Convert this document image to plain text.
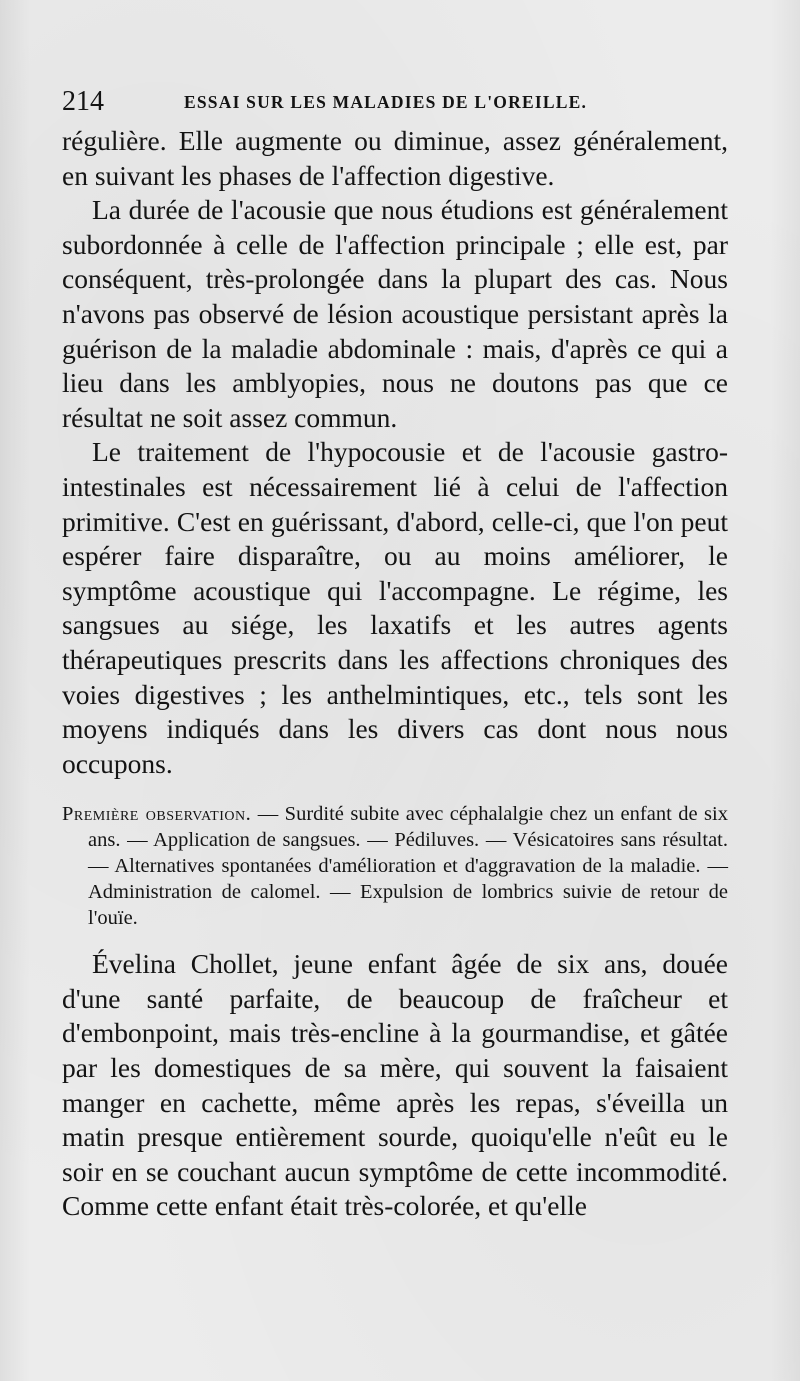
214	ESSAI SUR LES MALADIES DE L'OREILLE.

régulière. Elle augmente ou diminue, assez généralement, en suivant les phases de l'affection digestive.

La durée de l'acousie que nous étudions est généralement subordonnée à celle de l'affection principale ; elle est, par conséquent, très-prolongée dans la plupart des cas. Nous n'avons pas observé de lésion acoustique persistant après la guérison de la maladie abdominale : mais, d'après ce qui a lieu dans les amblyopies, nous ne doutons pas que ce résultat ne soit assez commun.

Le traitement de l'hypocousie et de l'acousie gastro-intestinales est nécessairement lié à celui de l'affection primitive. C'est en guérissant, d'abord, celle-ci, que l'on peut espérer faire disparaître, ou au moins améliorer, le symptôme acoustique qui l'accompagne. Le régime, les sangsues au siége, les laxatifs et les autres agents thérapeutiques prescrits dans les affections chroniques des voies digestives ; les anthelmintiques, etc., tels sont les moyens indiqués dans les divers cas dont nous nous occupons.

Première observation. — Surdité subite avec céphalalgie chez un enfant de six ans. — Application de sangsues. — Pédiluves. — Vésicatoires sans résultat. — Alternatives spontanées d'amélioration et d'aggravation de la maladie. — Administration de calomel. — Expulsion de lombrics suivie de retour de l'ouïe.

Évelina Chollet, jeune enfant âgée de six ans, douée d'une santé parfaite, de beaucoup de fraîcheur et d'embonpoint, mais très-encline à la gourmandise, et gâtée par les domestiques de sa mère, qui souvent la faisaient manger en cachette, même après les repas, s'éveilla un matin presque entièrement sourde, quoiqu'elle n'eût eu le soir en se couchant aucun symptôme de cette incommodité. Comme cette enfant était très-colorée, et qu'elle
